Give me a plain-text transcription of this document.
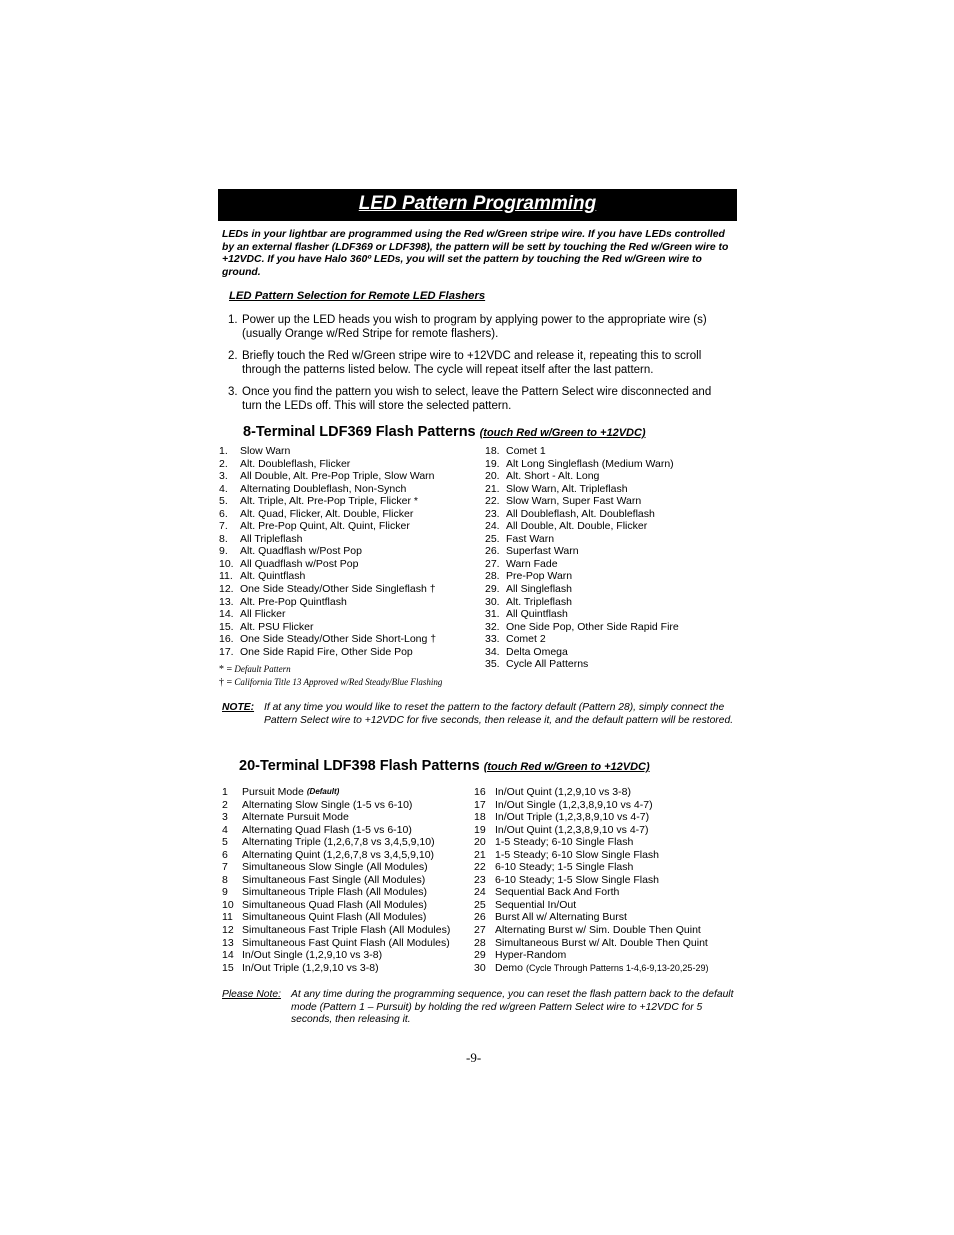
LED Pattern Programming
LEDs in your lightbar are programmed using the Red w/Green stripe wire. If you have LEDs controlled by an external flasher (LDF369 or LDF398), the pattern will be sett by touching the Red w/Green wire to +12VDC. If you have Halo 360º LEDs, you will set the pattern by touching the Red w/Green wire to ground.
LED Pattern Selection for Remote LED Flashers
1. Power up the LED heads you wish to program by applying power to the appropriate wire (s) (usually Orange w/Red Stripe for remote flashers).
2. Briefly touch the Red w/Green stripe wire to +12VDC and release it, repeating this to scroll through the patterns listed below. The cycle will repeat itself after the last pattern.
3. Once you find the pattern you wish to select, leave the Pattern Select wire disconnected and turn the LEDs off. This will store the selected pattern.
8-Terminal LDF369 Flash Patterns (touch Red w/Green to +12VDC)
1.	Slow Warn
2.	Alt. Doubleflash, Flicker
3.	All Double, Alt. Pre-Pop Triple, Slow Warn
4.	Alternating Doubleflash, Non-Synch
5.	Alt. Triple, Alt. Pre-Pop Triple, Flicker *
6.	Alt. Quad, Flicker, Alt. Double, Flicker
7.	Alt. Pre-Pop Quint, Alt. Quint, Flicker
8.	All Tripleflash
9.	Alt. Quadflash w/Post Pop
10. All Quadflash w/Post Pop
11. Alt. Quintflash
12. One Side Steady/Other Side Singleflash †
13. Alt. Pre-Pop Quintflash
14. All Flicker
15. Alt. PSU Flicker
16. One Side Steady/Other Side Short-Long †
17. One Side Rapid Fire, Other Side Pop
18. Comet 1
19. Alt Long Singleflash (Medium Warn)
20. Alt. Short - Alt. Long
21. Slow Warn, Alt. Tripleflash
22. Slow Warn, Super Fast Warn
23. All Doubleflash, Alt. Doubleflash
24. All Double, Alt. Double, Flicker
25. Fast Warn
26. Superfast Warn
27. Warn Fade
28. Pre-Pop Warn
29. All Singleflash
30. Alt. Tripleflash
31. All Quintflash
32. One Side Pop, Other Side Rapid Fire
33. Comet 2
34. Delta Omega
35. Cycle All Patterns
* = Default Pattern
† = California Title 13 Approved w/Red Steady/Blue Flashing
NOTE: If at any time you would like to reset the pattern to the factory default (Pattern 28), simply connect the Pattern Select wire to +12VDC for five seconds, then release it, and the default pattern will be restored.
20-Terminal LDF398 Flash Patterns (touch Red w/Green to +12VDC)
1	Pursuit Mode (Default)
2	Alternating Slow Single (1-5 vs 6-10)
3	Alternate Pursuit Mode
4	Alternating Quad Flash (1-5 vs 6-10)
5	Alternating Triple (1,2,6,7,8 vs 3,4,5,9,10)
6	Alternating Quint (1,2,6,7,8 vs 3,4,5,9,10)
7	Simultaneous Slow Single (All Modules)
8	Simultaneous Fast Single (All Modules)
9	Simultaneous Triple Flash (All Modules)
10 Simultaneous Quad Flash (All Modules)
11 Simultaneous Quint Flash (All Modules)
12 Simultaneous Fast Triple Flash (All Modules)
13 Simultaneous Fast Quint Flash (All Modules)
14 In/Out Single (1,2,9,10 vs 3-8)
15 In/Out Triple (1,2,9,10 vs 3-8)
16 In/Out Quint (1,2,9,10 vs 3-8)
17 In/Out Single (1,2,3,8,9,10 vs 4-7)
18 In/Out Triple (1,2,3,8,9,10 vs 4-7)
19 In/Out Quint (1,2,3,8,9,10 vs 4-7)
20 1-5 Steady; 6-10 Single Flash
21 1-5 Steady; 6-10 Slow Single Flash
22 6-10 Steady; 1-5 Single Flash
23 6-10 Steady; 1-5 Slow Single Flash
24 Sequential Back And Forth
25 Sequential In/Out
26 Burst All w/ Alternating Burst
27 Alternating Burst w/ Sim. Double Then Quint
28 Simultaneous Burst w/ Alt. Double Then Quint
29 Hyper-Random
30 Demo (Cycle Through Patterns 1-4,6-9,13-20,25-29)
Please Note: At any time during the programming sequence, you can reset the flash pattern back to the default mode (Pattern 1 – Pursuit) by holding the red w/green Pattern Select wire to +12VDC for 5 seconds, then releasing it.
-9-
